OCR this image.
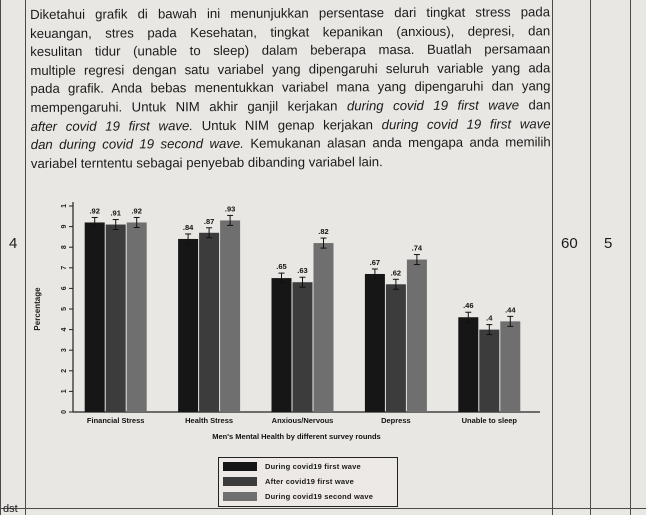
4	60 5
dst
Diketahui grafik di bawah ini menunjukkan persentase dari tingkat stress pada
keuangan, stres pada Kesehatan, tingkat kepanikan (anxious), depresi, dan
kesulitan tidur (unable to sleep) dalam beberapa masa. Buatlah persamaan
multiple regresi dengan satu variabel yang dipengaruhi seluruh variable yang ada
pada grafik. Anda bebas menentukkan variabel mana yang dipengaruhi dan yang
mempengaruhi. Untuk NIM akhir ganjil kerjakan during covid 19 first wave dan
after covid 19 first wave. Untuk NIM genap kerjakan during covid 19 first wave
dan during covid 19 second wave. Kemukanan alasan anda mengapa anda memilih
variabel terntentu sebagai penyebab dibanding variabel lain.
0
1
2
3
4
5
6
7
8
9
1
Percentage
.92 .91 .92
Financial Stress
.84
.87
.93
Health Stress
.65 .63
.82
Anxious/Nervous
.67
.62
.74
Depress
.46
.4
.44
Unable to sleep
Men's Mental Health by different survey rounds
During covid19 first wave
After covid19 first wave
During covid19 second wave
